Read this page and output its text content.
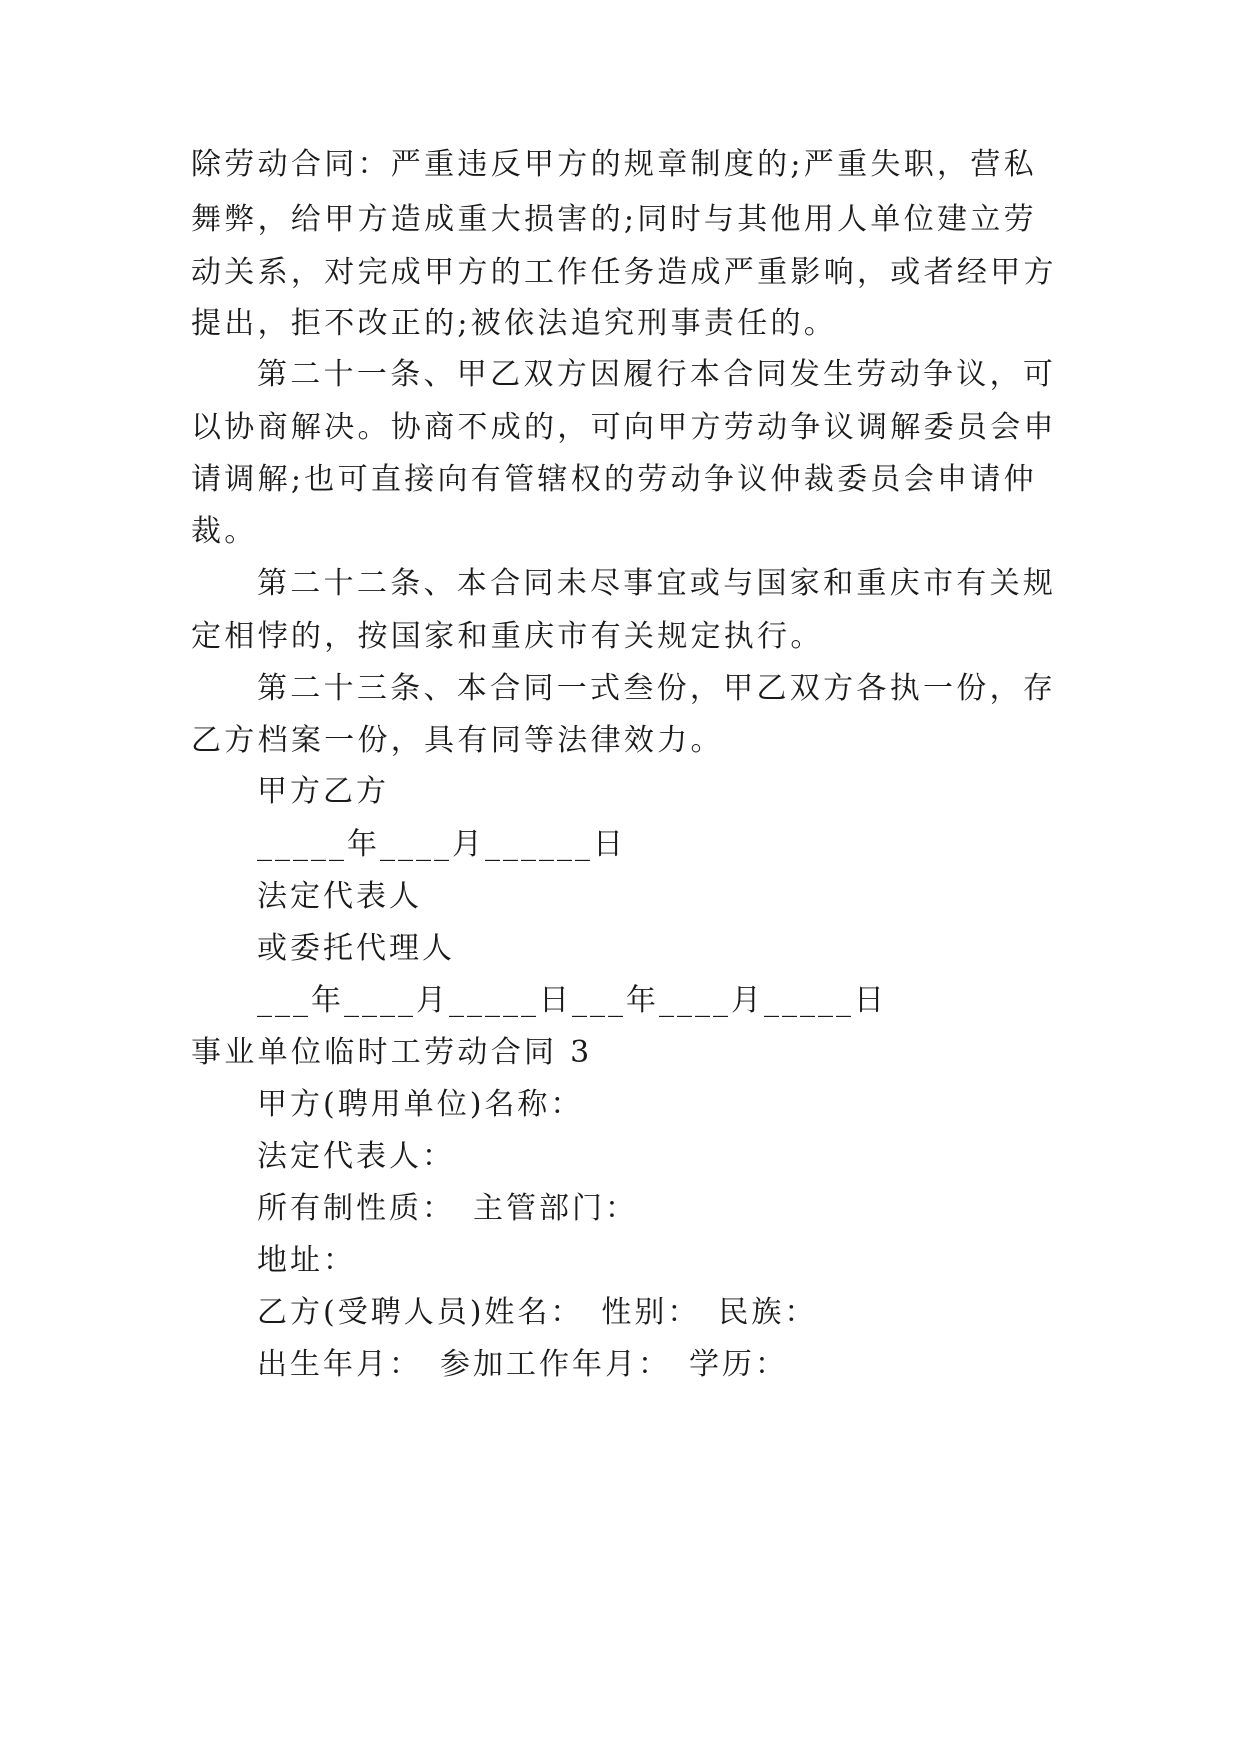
除劳动合同：严重违反甲方的规章制度的;严重失职，营私
舞弊，给甲方造成重大损害的;同时与其他用人单位建立劳
动关系，对完成甲方的工作任务造成严重影响，或者经甲方
提出，拒不改正的;被依法追究刑事责任的。
第二十一条、甲乙双方因履行本合同发生劳动争议，可
以协商解决。协商不成的，可向甲方劳动争议调解委员会申
请调解;也可直接向有管辖权的劳动争议仲裁委员会申请仲
裁。
第二十二条、本合同未尽事宜或与国家和重庆市有关规
定相悖的，按国家和重庆市有关规定执行。
第二十三条、本合同一式叁份，甲乙双方各执一份，存
乙方档案一份，具有同等法律效力。
甲方乙方
_____年____月______日
法定代表人
或委托代理人
___年____月_____日___年____月_____日
事业单位临时工劳动合同 3
甲方(聘用单位)名称：
法定代表人：
所有制性质：　主管部门：
地址：
乙方(受聘人员)姓名：　性别：　民族：
出生年月：　参加工作年月：　学历：
